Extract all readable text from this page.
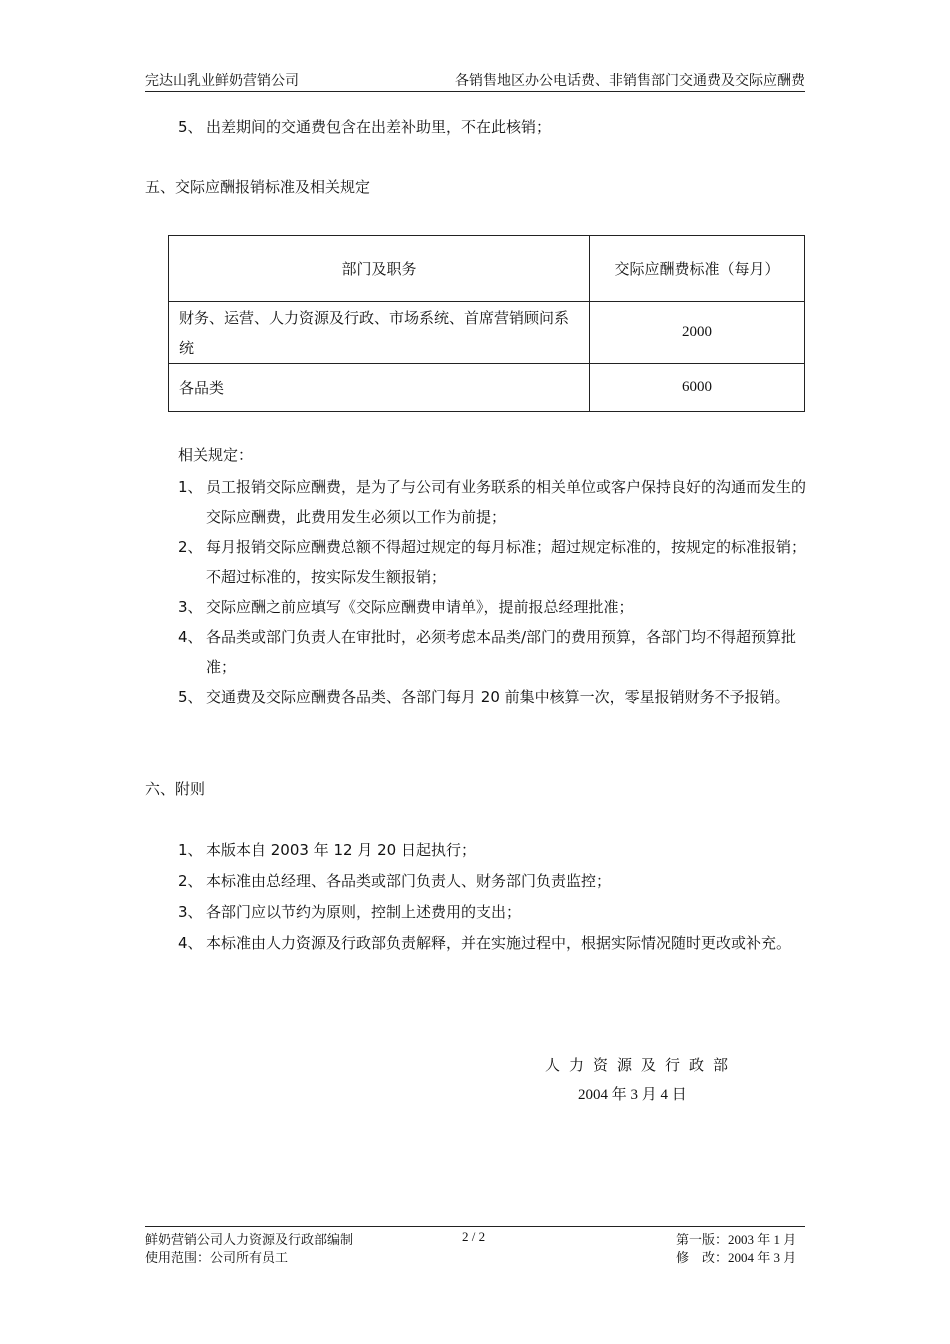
完达山乳业鲜奶营销公司	各销售地区办公电话费、非销售部门交通费及交际应酬费
5、 出差期间的交通费包含在出差补助里，不在此核销；
五、交际应酬报销标准及相关规定
部门及职务	交际应酬费标准（每月）
财务、运营、人力资源及行政、市场系统、首席营销顾问系统	2000
各品类	6000
相关规定：
1、 员工报销交际应酬费，是为了与公司有业务联系的相关单位或客户保持良好的沟通而发生的交际应酬费，此费用发生必须以工作为前提；
2、 每月报销交际应酬费总额不得超过规定的每月标准；超过规定标准的，按规定的标准报销；不超过标准的，按实际发生额报销；
3、 交际应酬之前应填写《交际应酬费申请单》，提前报总经理批准；
4、 各品类或部门负责人在审批时，必须考虑本品类/部门的费用预算，各部门均不得超预算批准；
5、 交通费及交际应酬费各品类、各部门每月 20 前集中核算一次，零星报销财务不予报销。
六、附则
1、 本版本自 2003 年 12 月 20 日起执行；
2、 本标准由总经理、各品类或部门负责人、财务部门负责监控；
3、 各部门应以节约为原则，控制上述费用的支出；
4、 本标准由人力资源及行政部负责解释，并在实施过程中，根据实际情况随时更改或补充。
人力资源及行政部
2004 年 3 月 4 日
鲜奶营销公司人力资源及行政部编制	2 / 2	第一版：2003 年 1 月
使用范围：公司所有员工	修    改：2004 年 3 月
